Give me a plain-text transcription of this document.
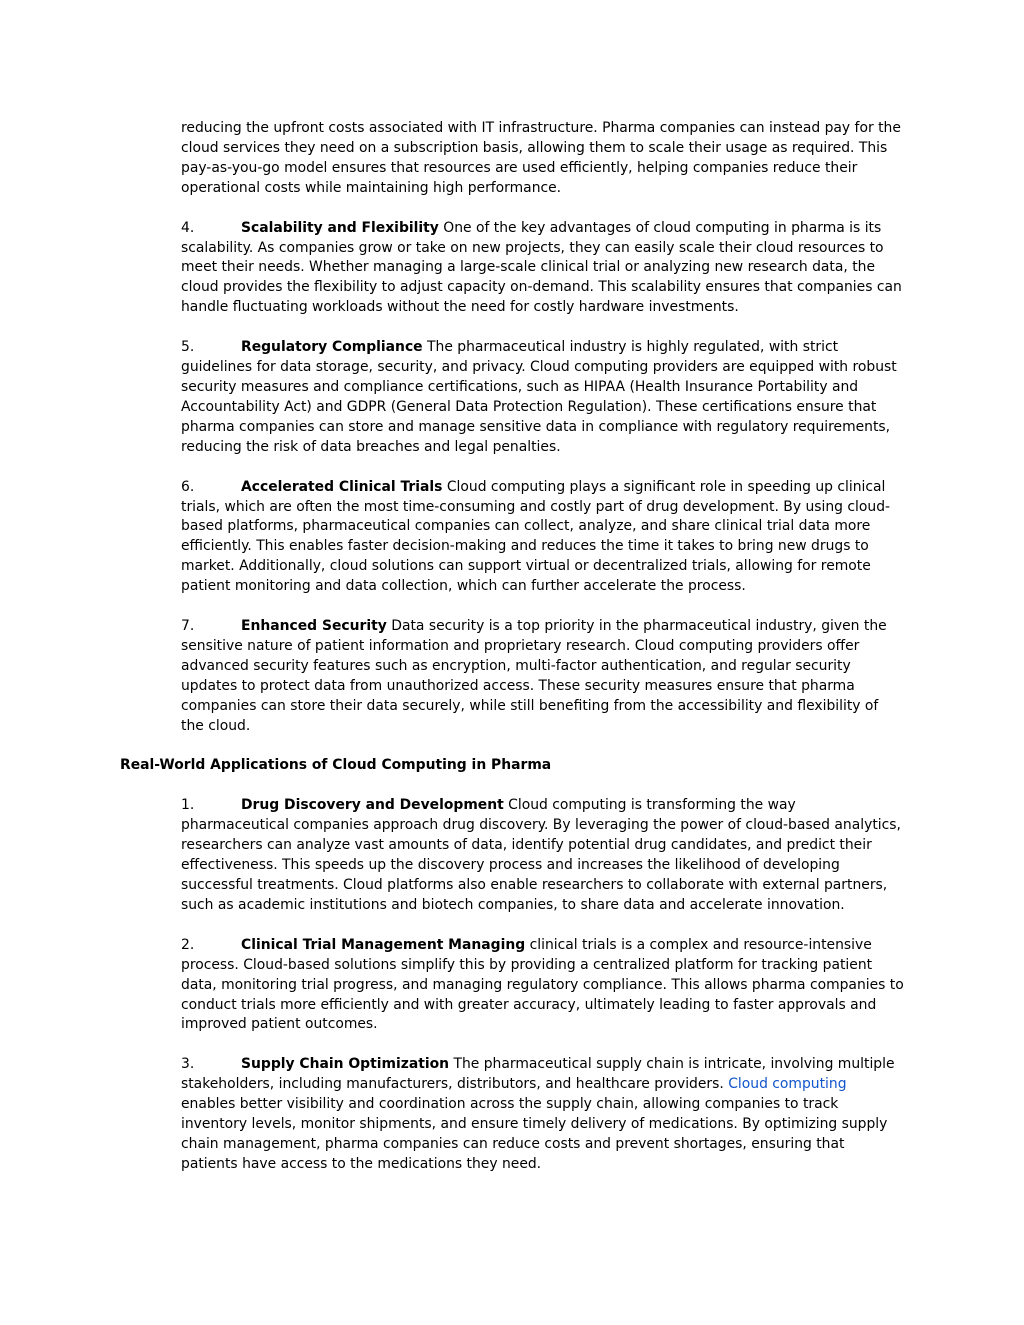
reducing the upfront costs associated with IT infrastructure. Pharma companies can instead pay for the cloud services they need on a subscription basis, allowing them to scale their usage as required. This pay-as-you-go model ensures that resources are used efficiently, helping companies reduce their operational costs while maintaining high performance.

4.	Scalability and Flexibility One of the key advantages of cloud computing in pharma is its scalability. As companies grow or take on new projects, they can easily scale their cloud resources to meet their needs. Whether managing a large-scale clinical trial or analyzing new research data, the cloud provides the flexibility to adjust capacity on-demand. This scalability ensures that companies can handle fluctuating workloads without the need for costly hardware investments.

5.	Regulatory Compliance The pharmaceutical industry is highly regulated, with strict guidelines for data storage, security, and privacy. Cloud computing providers are equipped with robust security measures and compliance certifications, such as HIPAA (Health Insurance Portability and Accountability Act) and GDPR (General Data Protection Regulation). These certifications ensure that pharma companies can store and manage sensitive data in compliance with regulatory requirements, reducing the risk of data breaches and legal penalties.

6.	Accelerated Clinical Trials Cloud computing plays a significant role in speeding up clinical trials, which are often the most time-consuming and costly part of drug development. By using cloud-based platforms, pharmaceutical companies can collect, analyze, and share clinical trial data more efficiently. This enables faster decision-making and reduces the time it takes to bring new drugs to market. Additionally, cloud solutions can support virtual or decentralized trials, allowing for remote patient monitoring and data collection, which can further accelerate the process.

7.	Enhanced Security Data security is a top priority in the pharmaceutical industry, given the sensitive nature of patient information and proprietary research. Cloud computing providers offer advanced security features such as encryption, multi-factor authentication, and regular security updates to protect data from unauthorized access. These security measures ensure that pharma companies can store their data securely, while still benefiting from the accessibility and flexibility of the cloud.

Real-World Applications of Cloud Computing in Pharma

1.	Drug Discovery and Development Cloud computing is transforming the way pharmaceutical companies approach drug discovery. By leveraging the power of cloud-based analytics, researchers can analyze vast amounts of data, identify potential drug candidates, and predict their effectiveness. This speeds up the discovery process and increases the likelihood of developing successful treatments. Cloud platforms also enable researchers to collaborate with external partners, such as academic institutions and biotech companies, to share data and accelerate innovation.

2.	Clinical Trial Management Managing clinical trials is a complex and resource-intensive process. Cloud-based solutions simplify this by providing a centralized platform for tracking patient data, monitoring trial progress, and managing regulatory compliance. This allows pharma companies to conduct trials more efficiently and with greater accuracy, ultimately leading to faster approvals and improved patient outcomes.

3.	Supply Chain Optimization The pharmaceutical supply chain is intricate, involving multiple stakeholders, including manufacturers, distributors, and healthcare providers. Cloud computing enables better visibility and coordination across the supply chain, allowing companies to track inventory levels, monitor shipments, and ensure timely delivery of medications. By optimizing supply chain management, pharma companies can reduce costs and prevent shortages, ensuring that patients have access to the medications they need.
